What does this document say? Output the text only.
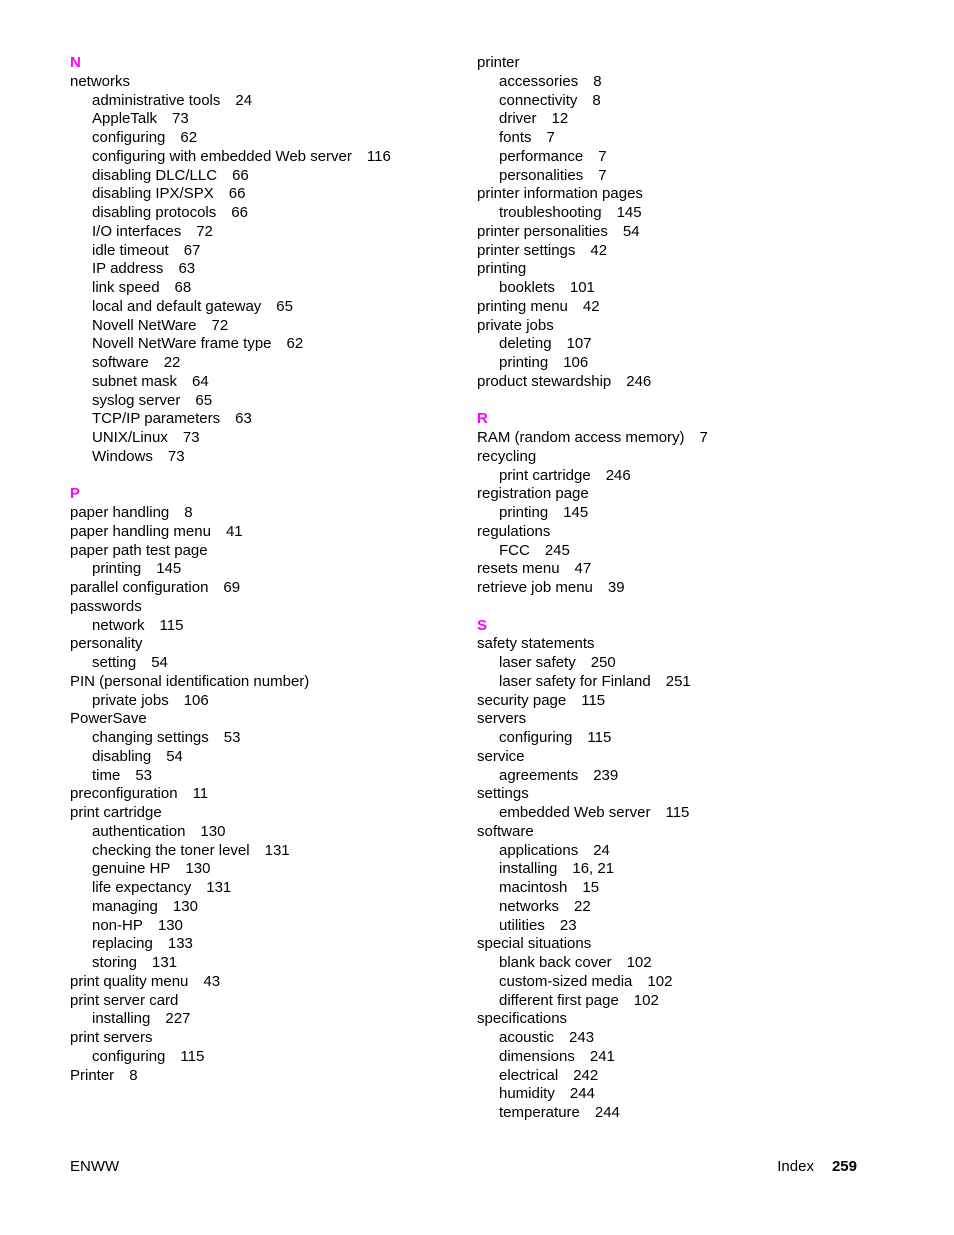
N
networks
administrative tools 24
AppleTalk 73
configuring 62
configuring with embedded Web server 116
disabling DLC/LLC 66
disabling IPX/SPX 66
disabling protocols 66
I/O interfaces 72
idle timeout 67
IP address 63
link speed 68
local and default gateway 65
Novell NetWare 72
Novell NetWare frame type 62
software 22
subnet mask 64
syslog server 65
TCP/IP parameters 63
UNIX/Linux 73
Windows 73
P
paper handling 8
paper handling menu 41
paper path test page
printing 145
parallel configuration 69
passwords
network 115
personality
setting 54
PIN (personal identification number)
private jobs 106
PowerSave
changing settings 53
disabling 54
time 53
preconfiguration 11
print cartridge
authentication 130
checking the toner level 131
genuine HP 130
life expectancy 131
managing 130
non-HP 130
replacing 133
storing 131
print quality menu 43
print server card
installing 227
print servers
configuring 115
Printer 8
printer
accessories 8
connectivity 8
driver 12
fonts 7
performance 7
personalities 7
printer information pages
troubleshooting 145
printer personalities 54
printer settings 42
printing
booklets 101
printing menu 42
private jobs
deleting 107
printing 106
product stewardship 246
R
RAM (random access memory) 7
recycling
print cartridge 246
registration page
printing 145
regulations
FCC 245
resets menu 47
retrieve job menu 39
S
safety statements
laser safety 250
laser safety for Finland 251
security page 115
servers
configuring 115
service
agreements 239
settings
embedded Web server 115
software
applications 24
installing 16, 21
macintosh 15
networks 22
utilities 23
special situations
blank back cover 102
custom-sized media 102
different first page 102
specifications
acoustic 243
dimensions 241
electrical 242
humidity 244
temperature 244
ENWW	Index 259
